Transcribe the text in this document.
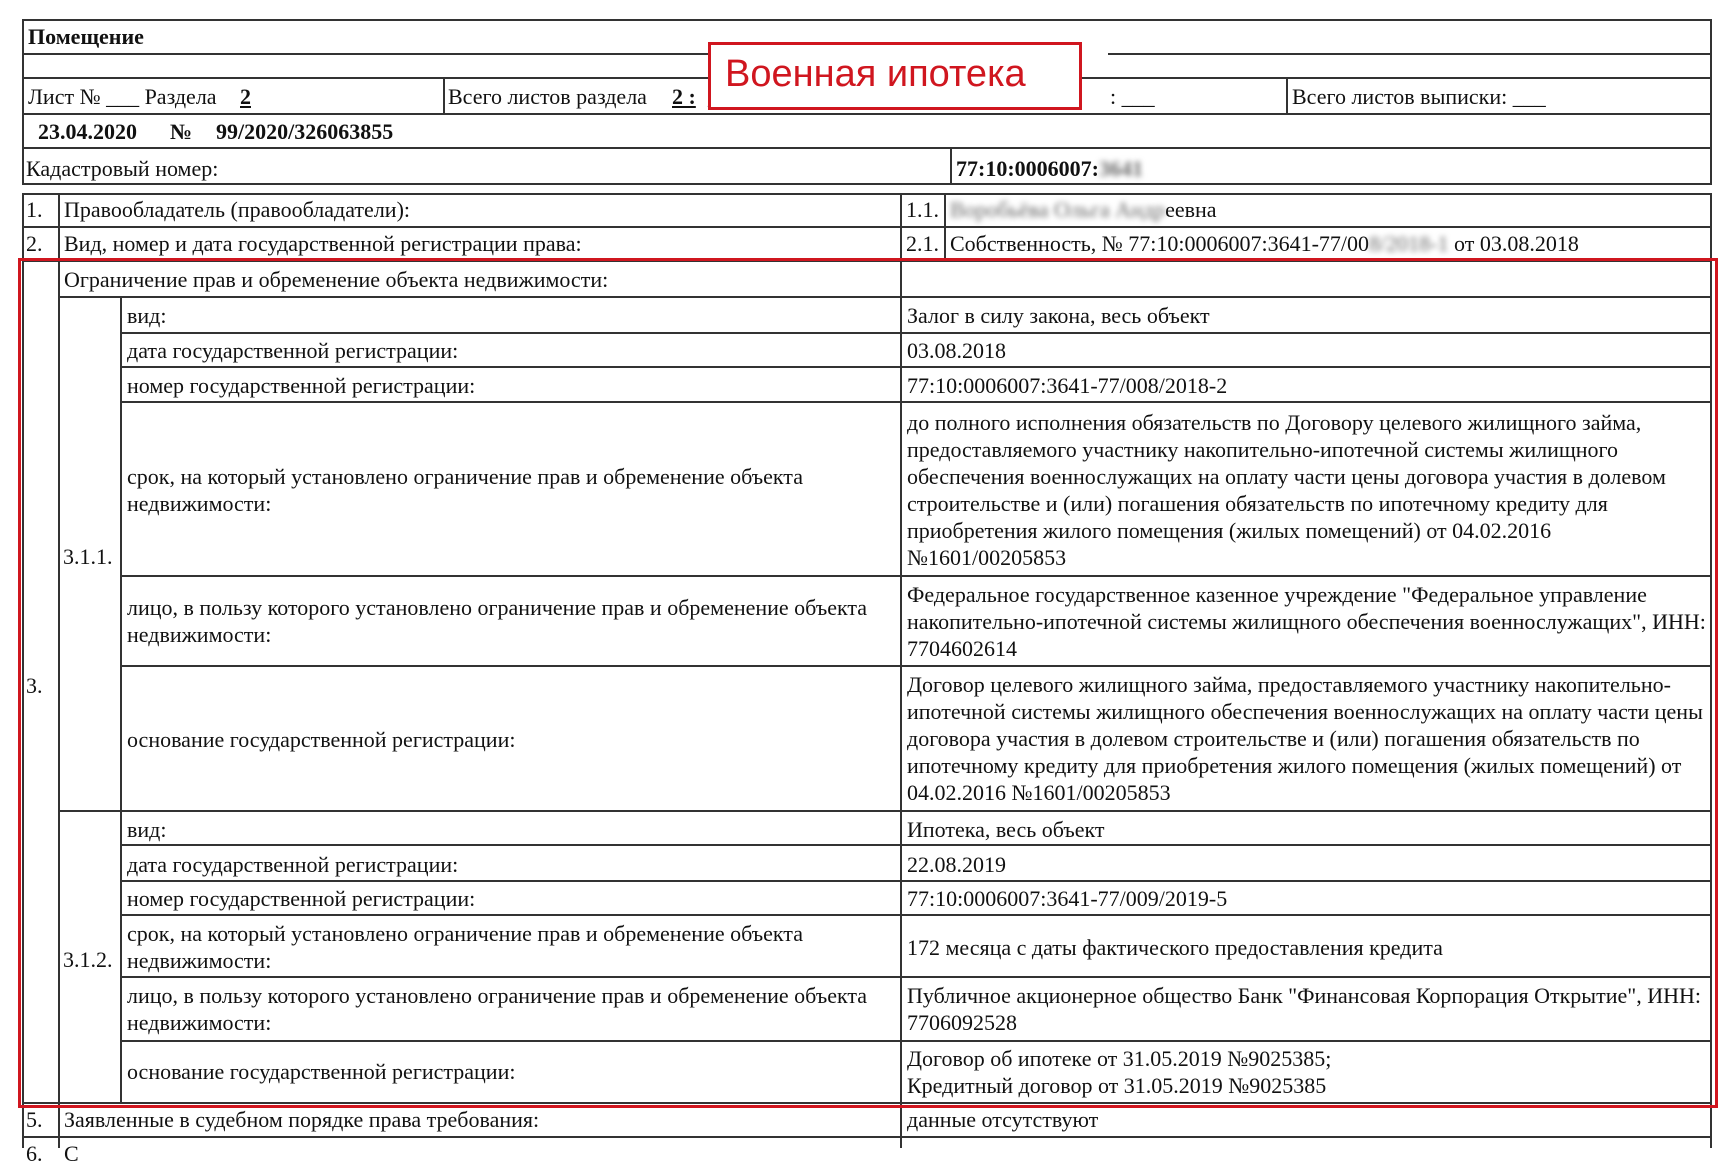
Помещение
Лист № ___ Раздела 2	Всего листов раздела 2 :	: ___	Всего листов выписки: ___
23.04.2020 № 99/2020/326063855
Кадастровый номер:	77:10:0006007:3641
1. Правообладатель (правообладатели):	1.1. Воробьёва Ольга Андреевна
2. Вид, номер и дата государственной регистрации права:	2.1. Собственность, № 77:10:0006007:3641-77/008/2018-1 от 03.08.2018
3.
Ограничение прав и обременение объекта недвижимости:
3.1.1.
вид:	Залог в силу закона, весь объект
дата государственной регистрации:	03.08.2018
номер государственной регистрации:	77:10:0006007:3641-77/008/2018-2
срок, на который установлено ограничение прав и обременение объекта недвижимости:
до полного исполнения обязательств по Договору целевого жилищного займа, предоставляемого участнику накопительно-ипотечной системы жилищного обеспечения военнослужащих на оплату части цены договора участия в долевом строительстве и (или) погашения обязательств по ипотечному кредиту для приобретения жилого помещения (жилых помещений) от 04.02.2016 №1601/00205853
лицо, в пользу которого установлено ограничение прав и обременение объекта недвижимости:
Федеральное государственное казенное учреждение "Федеральное управление накопительно-ипотечной системы жилищного обеспечения военнослужащих", ИНН: 7704602614
основание государственной регистрации:
Договор целевого жилищного займа, предоставляемого участнику накопительно-ипотечной системы жилищного обеспечения военнослужащих на оплату части цены договора участия в долевом строительстве и (или) погашения обязательств по ипотечному кредиту для приобретения жилого помещения (жилых помещений) от 04.02.2016 №1601/00205853
3.1.2.
вид:	Ипотека, весь объект
дата государственной регистрации:	22.08.2019
номер государственной регистрации:	77:10:0006007:3641-77/009/2019-5
срок, на который установлено ограничение прав и обременение объекта недвижимости:
172 месяца с даты фактического предоставления кредита
лицо, в пользу которого установлено ограничение прав и обременение объекта недвижимости:
Публичное акционерное общество Банк "Финансовая Корпорация Открытие", ИНН: 7706092528
основание государственной регистрации:
Договор об ипотеке от 31.05.2019 №9025385;
Кредитный договор от 31.05.2019 №9025385
5. Заявленные в судебном порядке права требования:	данные отсутствуют
6. С
Военная ипотека
